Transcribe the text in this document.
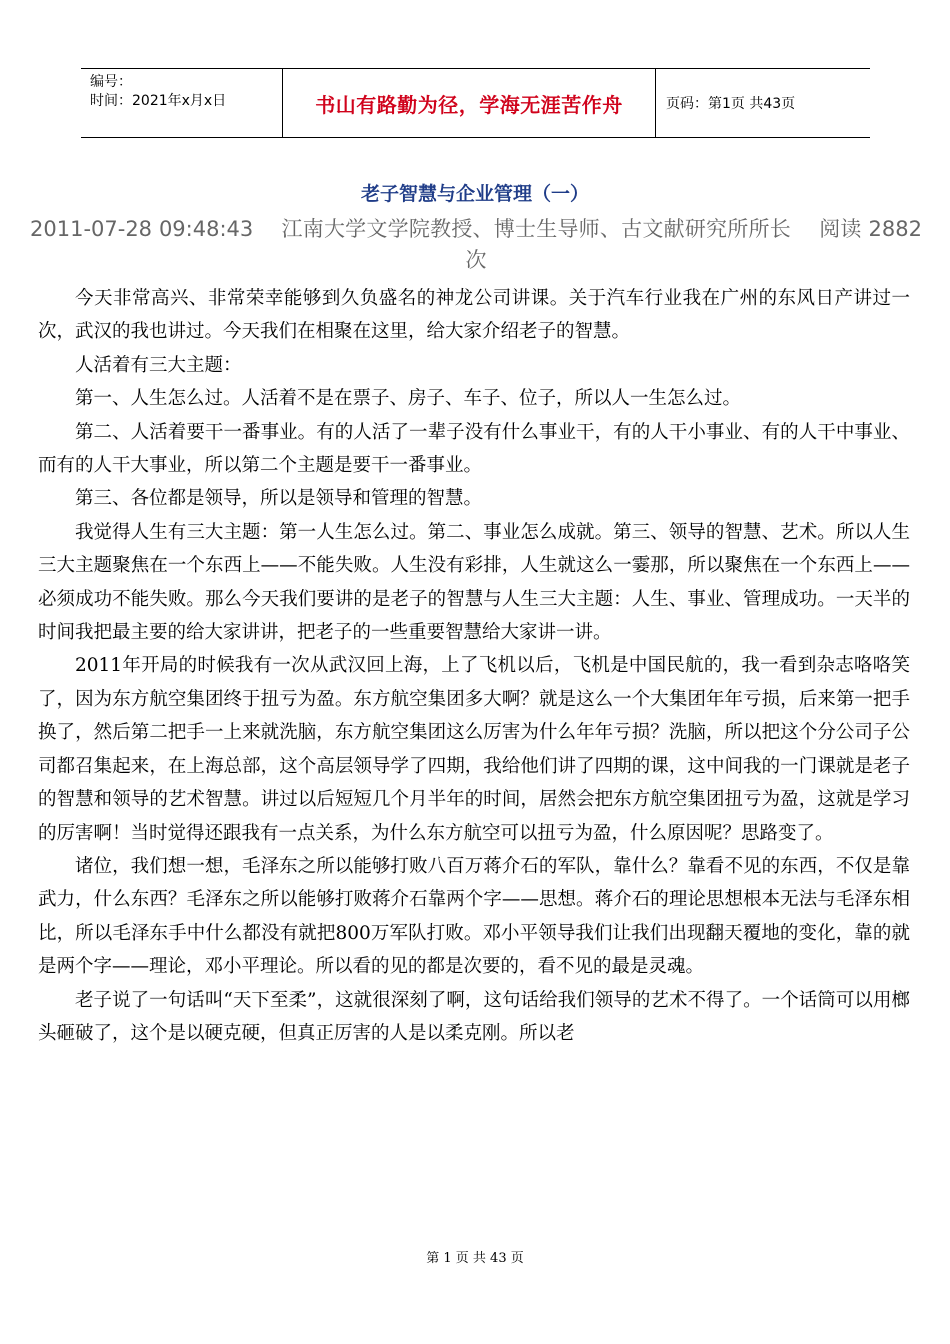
编号：
时间：2021年x月x日	书山有路勤为径，学海无涯苦作舟	页码：第1页 共43页
老子智慧与企业管理（一）
2011-07-28 09:48:43 江南大学文学院教授、博士生导师、古文献研究所所长 阅读 2882 次

今天非常高兴、非常荣幸能够到久负盛名的神龙公司讲课。关于汽车行业我在广州的东风日产讲过一次，武汉的我也讲过。今天我们在相聚在这里，给大家介绍老子的智慧。

人活着有三大主题：

第一、人生怎么过。人活着不是在票子、房子、车子、位子，所以人一生怎么过。

第二、人活着要干一番事业。有的人活了一辈子没有什么事业干，有的人干小事业、有的人干中事业、而有的人干大事业，所以第二个主题是要干一番事业。

第三、各位都是领导，所以是领导和管理的智慧。

我觉得人生有三大主题：第一人生怎么过。第二、事业怎么成就。第三、领导的智慧、艺术。所以人生三大主题聚焦在一个东西上——不能失败。人生没有彩排，人生就这么一霎那，所以聚焦在一个东西上——必须成功不能失败。那么今天我们要讲的是老子的智慧与人生三大主题：人生、事业、管理成功。一天半的时间我把最主要的给大家讲讲，把老子的一些重要智慧给大家讲一讲。

2011年开局的时候我有一次从武汉回上海，上了飞机以后，飞机是中国民航的，我一看到杂志咯咯笑了，因为东方航空集团终于扭亏为盈。东方航空集团多大啊？就是这么一个大集团年年亏损，后来第一把手换了，然后第二把手一上来就洗脑，东方航空集团这么厉害为什么年年亏损？洗脑，所以把这个分公司子公司都召集起来，在上海总部，这个高层领导学了四期，我给他们讲了四期的课，这中间我的一门课就是老子的智慧和领导的艺术智慧。讲过以后短短几个月半年的时间，居然会把东方航空集团扭亏为盈，这就是学习的厉害啊！当时觉得还跟我有一点关系，为什么东方航空可以扭亏为盈，什么原因呢？思路变了。

诸位，我们想一想，毛泽东之所以能够打败八百万蒋介石的军队，靠什么？靠看不见的东西，不仅是靠武力，什么东西？毛泽东之所以能够打败蒋介石靠两个字——思想。蒋介石的理论思想根本无法与毛泽东相比，所以毛泽东手中什么都没有就把800万军队打败。邓小平领导我们让我们出现翻天覆地的变化，靠的就是两个字——理论，邓小平理论。所以看的见的都是次要的，看不见的最是灵魂。

老子说了一句话叫“天下至柔”，这就很深刻了啊，这句话给我们领导的艺术不得了。一个话筒可以用榔头砸破了，这个是以硬克硬，但真正厉害的人是以柔克刚。所以老

第 1 页 共 43 页
